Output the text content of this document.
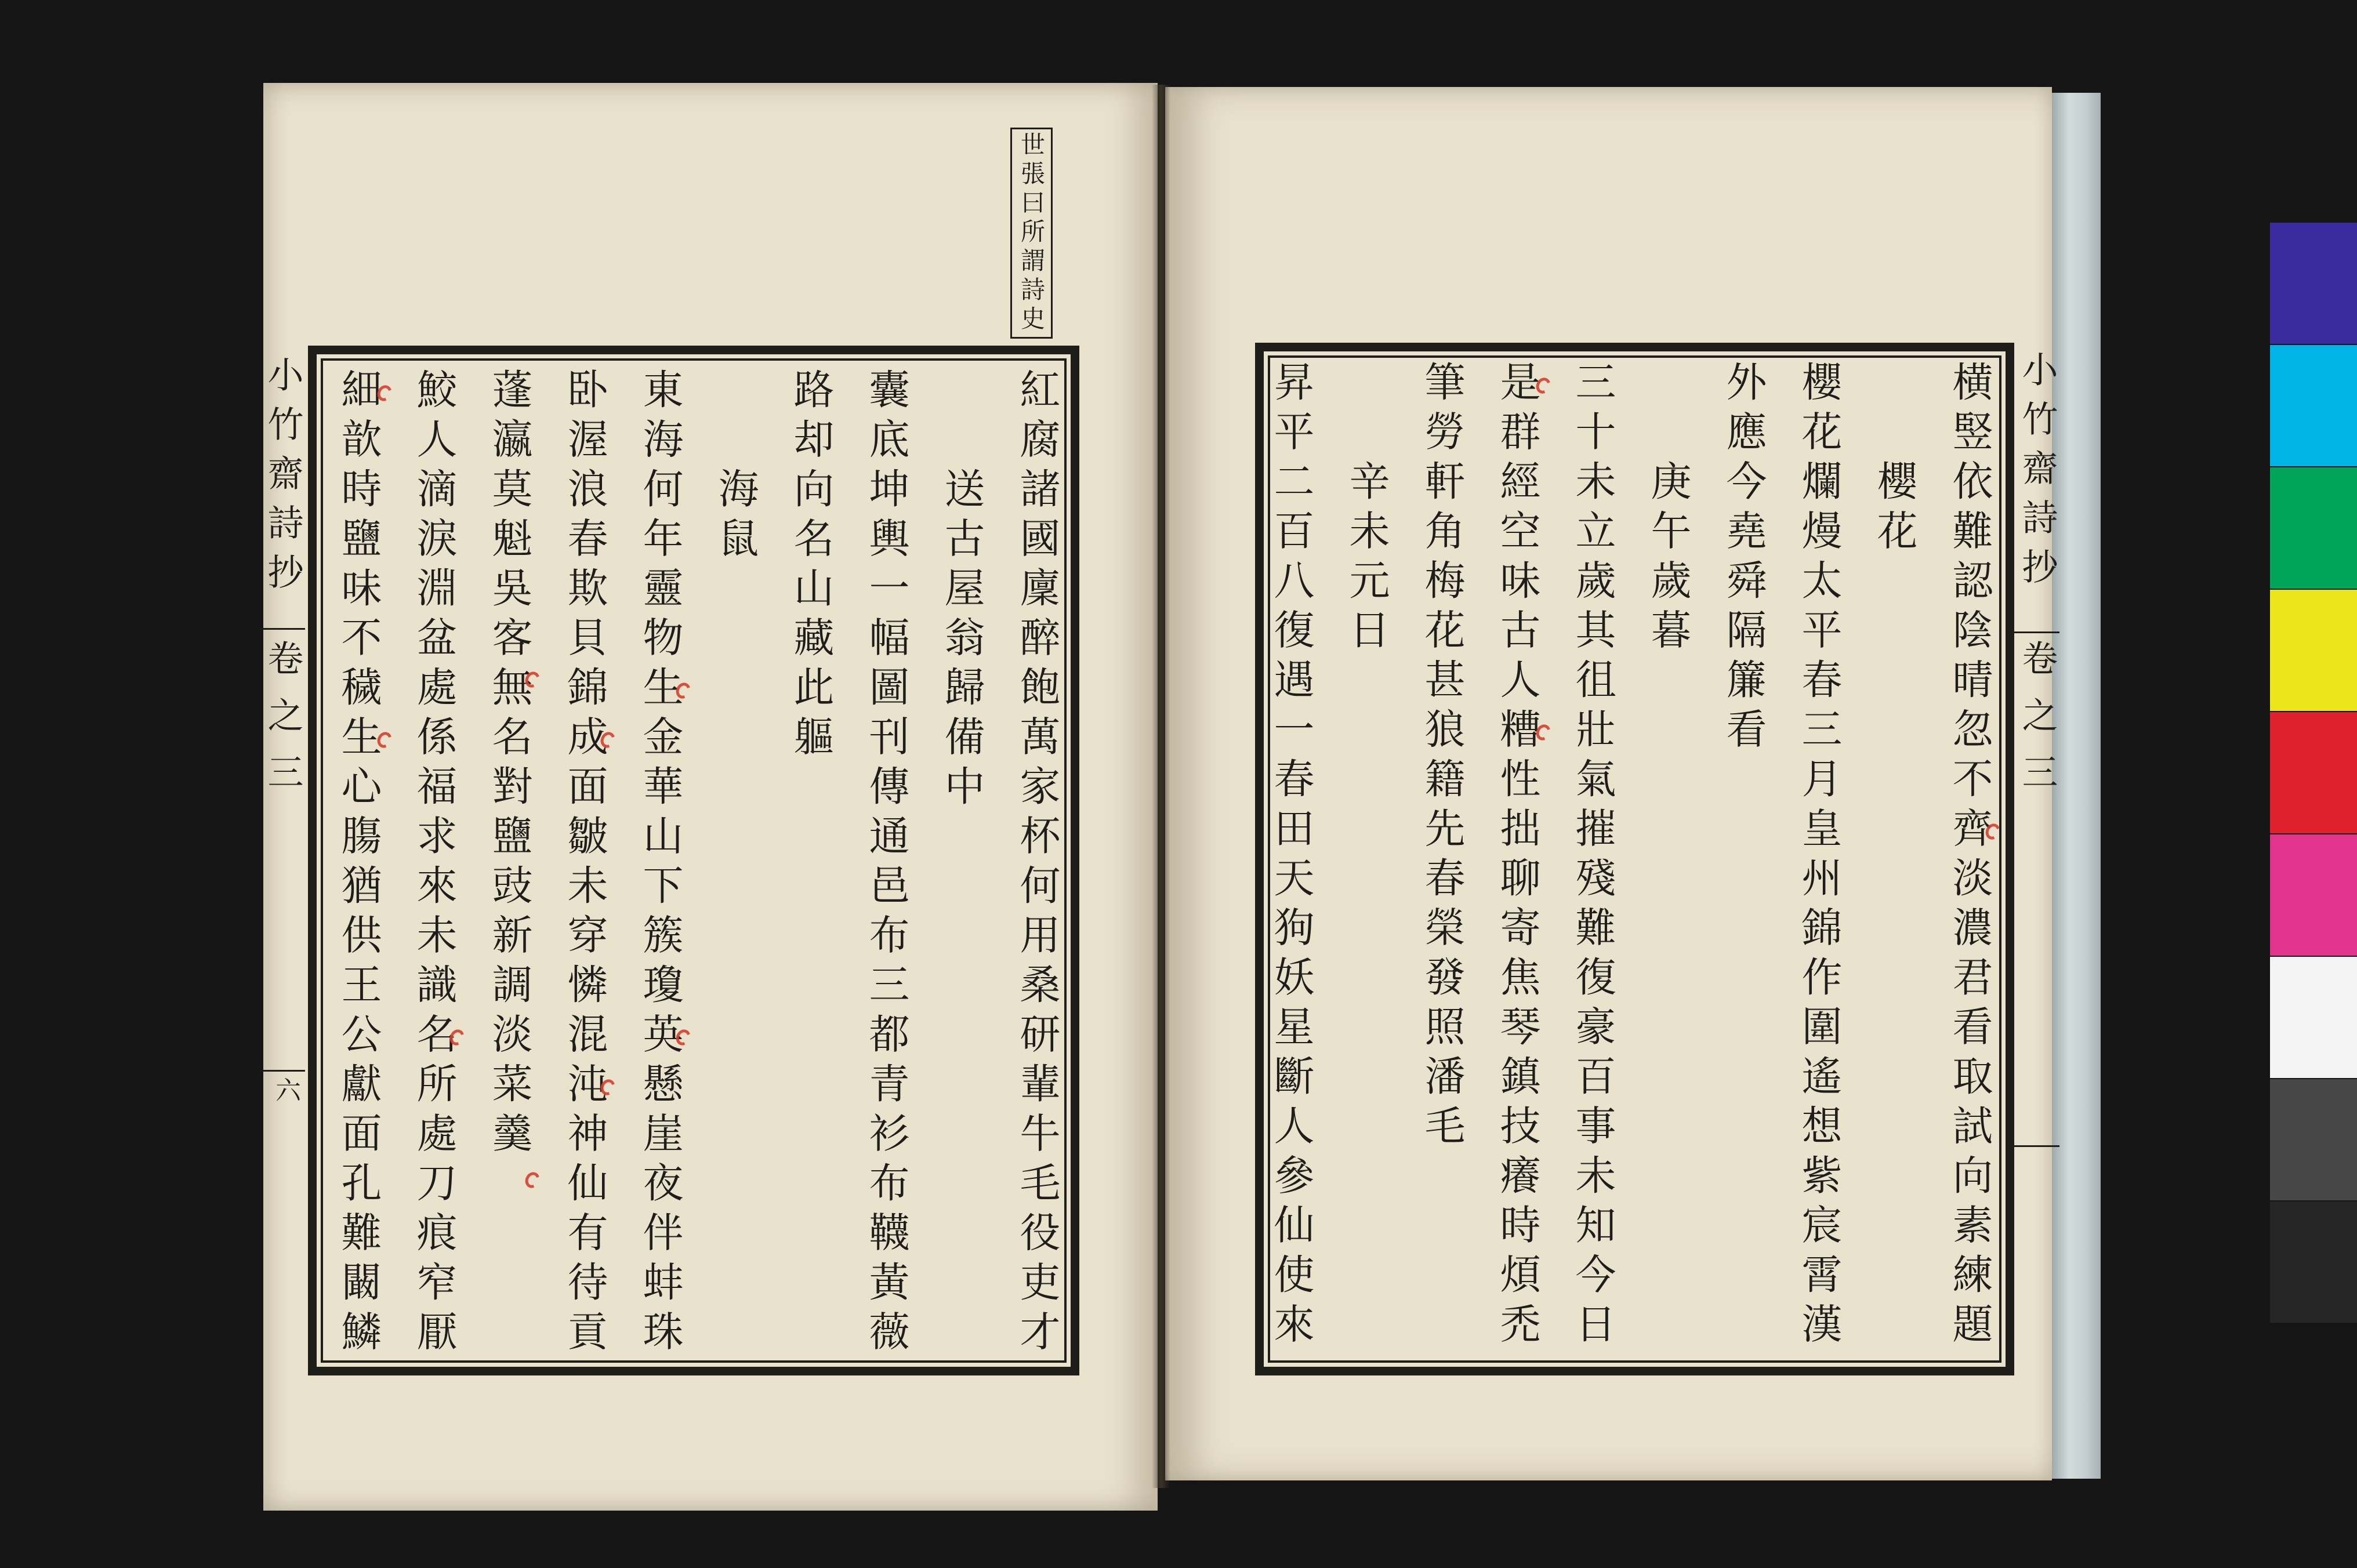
世張曰所謂詩史
小竹齋詩抄
卷之三
六	紅腐諸國廩醉飽萬家杯何用桑研輩牛毛役吏才
送古屋翁歸備中
囊底坤輿一幅圖刊傳通邑布三都青衫布韈黃薇
路却向名山藏此軀
海鼠
東海何年靈物生金華山下簇瓊英懸崖夜伴蚌珠
卧渥浪春欺貝錦成面皺未穿憐混沌神仙有待貢
蓬瀛莫魁吳客無名對鹽豉新調淡菜羹
鮫人滴淚淵盆處係福求來未識名所處刀痕窄厭
細歆時鹽味不穢生心膓猶供王公獻面孔難闞鱗	小竹齋詩抄
卷之三
横竪依難認陰晴忽不齊淡濃君看取試向素練題
櫻花
櫻花爛熳太平春三月皇州錦作圍遙想紫宸霄漢
外應今堯舜隔簾看
庚午歲暮
三十未立歲其徂壯氣摧殘難復豪百事未知今日
是群經空味古人糟性拙聊寄焦琴鎮技癢時煩禿
筆勞軒角梅花甚狼籍先春榮發照潘毛
辛未元日
昇平二百八復遇一春田天狗妖星斷人參仙使來
